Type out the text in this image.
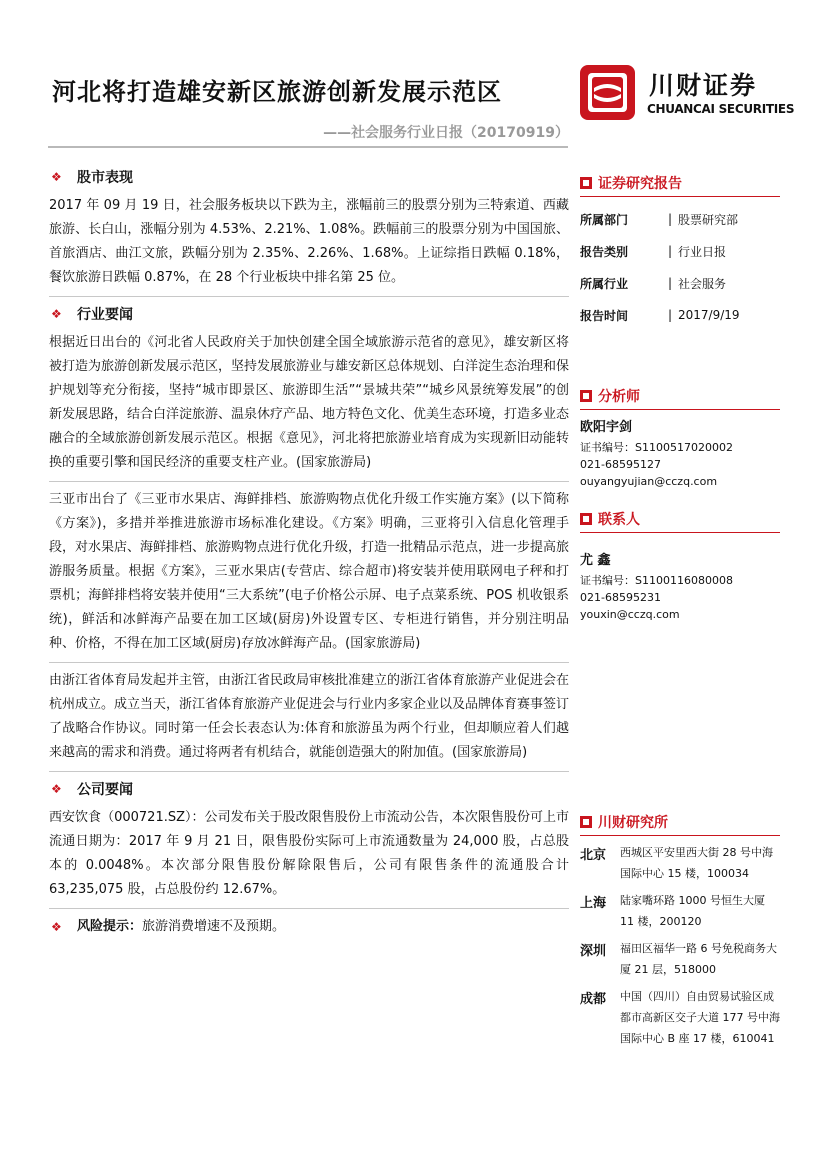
河北将打造雄安新区旅游创新发展示范区
——社会服务行业日报（20170919）
川财证券
CHUANCAI SECURITIES
❖	股市表现

2017 年 09 月 19 日，社会服务板块以下跌为主，涨幅前三的股票分别为三特索道、西藏旅游、长白山，涨幅分别为 4.53%、2.21%、1.08%。跌幅前三的股票分别为中国国旅、首旅酒店、曲江文旅，跌幅分别为 2.35%、2.26%、1.68%。上证综指日跌幅 0.18%，餐饮旅游日跌幅 0.87%，在 28 个行业板块中排名第 25 位。

❖	行业要闻

根据近日出台的《河北省人民政府关于加快创建全国全域旅游示范省的意见》，雄安新区将被打造为旅游创新发展示范区，坚持发展旅游业与雄安新区总体规划、白洋淀生态治理和保护规划等充分衔接，坚持“城市即景区、旅游即生活”“景城共荣”“城乡风景统筹发展”的创新发展思路，结合白洋淀旅游、温泉休疗产品、地方特色文化、优美生态环境，打造多业态融合的全域旅游创新发展示范区。根据《意见》，河北将把旅游业培育成为实现新旧动能转换的重要引擎和国民经济的重要支柱产业。(国家旅游局)

三亚市出台了《三亚市水果店、海鲜排档、旅游购物点优化升级工作实施方案》(以下简称《方案》)，多措并举推进旅游市场标准化建设。《方案》明确，三亚将引入信息化管理手段，对水果店、海鲜排档、旅游购物点进行优化升级，打造一批精品示范点，进一步提高旅游服务质量。根据《方案》，三亚水果店(专营店、综合超市)将安装并使用联网电子秤和打票机；海鲜排档将安装并使用“三大系统”(电子价格公示屏、电子点菜系统、POS 机收银系统)，鲜活和冰鲜海产品要在加工区域(厨房)外设置专区、专柜进行销售，并分别注明品种、价格，不得在加工区域(厨房)存放冰鲜海产品。(国家旅游局)

由浙江省体育局发起并主管，由浙江省民政局审核批准建立的浙江省体育旅游产业促进会在杭州成立。成立当天，浙江省体育旅游产业促进会与行业内多家企业以及品牌体育赛事签订了战略合作协议。同时第一任会长表态认为:体育和旅游虽为两个行业，但却顺应着人们越来越高的需求和消费。通过将两者有机结合，就能创造强大的附加值。(国家旅游局)

❖	公司要闻

西安饮食（000721.SZ）：公司发布关于股改限售股份上市流动公告，本次限售股份可上市流通日期为：2017 年 9 月 21 日，限售股份实际可上市流通数量为 24,000 股，占总股本的 0.0048%。本次部分限售股份解除限售后，公司有限售条件的流通股合计 63,235,075 股，占总股份约 12.67%。

❖	风险提示： 旅游消费增速不及预期。
证券研究报告
所属部门	| 股票研究部
报告类别	| 行业日报
所属行业	| 社会服务
报告时间	| 2017/9/19
分析师
欧阳宇剑
证书编号：S1100517020002
021-68595127
ouyangyujian@cczq.com
联系人
尤 鑫
证书编号：S1100116080008
021-68595231
youxin@cczq.com
川财研究所
北京	西城区平安里西大街 28 号中海国际中心 15 楼，100034
上海	陆家嘴环路 1000 号恒生大厦 11 楼，200120
深圳	福田区福华一路 6 号免税商务大厦 21 层，518000
成都	中国（四川）自由贸易试验区成都市高新区交子大道 177 号中海国际中心 B 座 17 楼，610041
